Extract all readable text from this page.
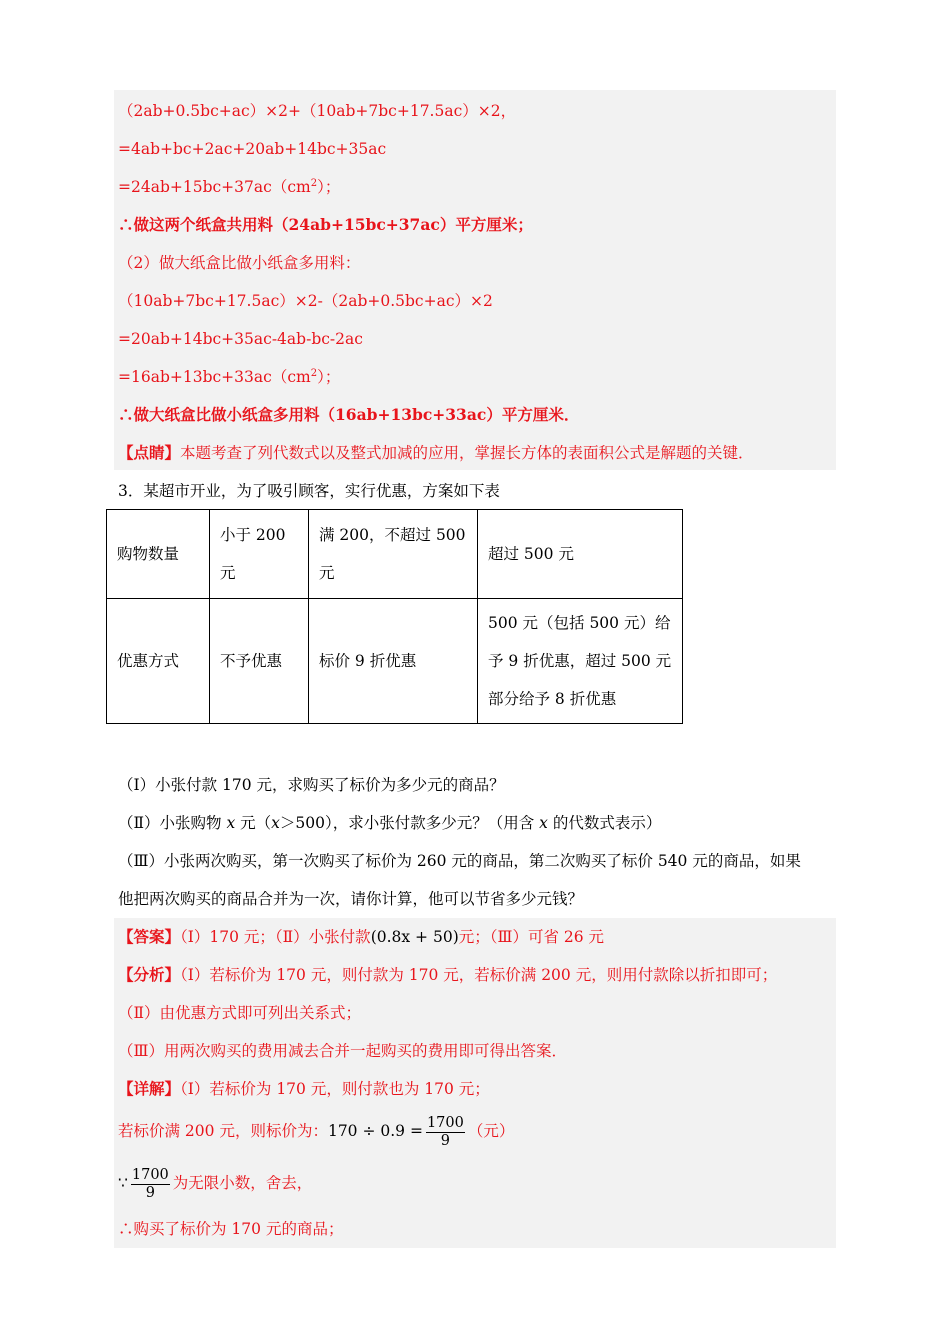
（2ab+0.5bc+ac）×2+（10ab+7bc+17.5ac）×2，
=4ab+bc+2ac+20ab+14bc+35ac
$=24ab+15bc+37ac(cm^2)$；
∴做这两个纸盒共用料（24ab+15bc+37ac）平方厘米；
（2）做大纸盒比做小纸盒多用料：
（10ab+7bc+17.5ac）×2-（2ab+0.5bc+ac）×2
=20ab+14bc+35ac-4ab-bc-2ac
$=16ab+13bc+33ac(cm^2)$；
∴做大纸盒比做小纸盒多用料（16ab+13bc+33ac）平方厘米．
【点睛】本题考查了列代数式以及整式加减的应用，掌握长方体的表面积公式是解题的关键．
3．某超市开业，为了吸引顾客，实行优惠，方案如下表
购物数量	小于 200 元	满 200，不超过 500 元	超过 500 元
优惠方式	不予优惠	标价 9 折优惠	500 元（包括 500 元）给予 9 折优惠，超过 500 元部分给予 8 折优惠
（Ⅰ）小张付款 170 元，求购买了标价为多少元的商品？
（Ⅱ）小张购物 x 元（x＞500），求小张付款多少元？（用含 x 的代数式表示）
（Ⅲ）小张两次购买，第一次购买了标价为 260 元的商品，第二次购买了标价 540 元的商品，如果
他把两次购买的商品合并为一次，请你计算，他可以节省多少元钱？
【答案】（Ⅰ）170 元；（Ⅱ）小张付款(0.8x + 50)元；（Ⅲ）可省 26 元
【分析】（Ⅰ）若标价为 170 元，则付款为 170 元，若标价满 200 元，则用付款除以折扣即可；
（Ⅱ）由优惠方式即可列出关系式；
（Ⅲ）用两次购买的费用减去合并一起购买的费用即可得出答案．
【详解】（Ⅰ）若标价为 170 元，则付款也为 170 元；
若标价满 200 元，则标价为：$170 \div 0.9 = \frac{1700}{9}$ （元）
∵ $\frac{1700}{9}$ 为无限小数，舍去，
∴购买了标价为 170 元的商品；
